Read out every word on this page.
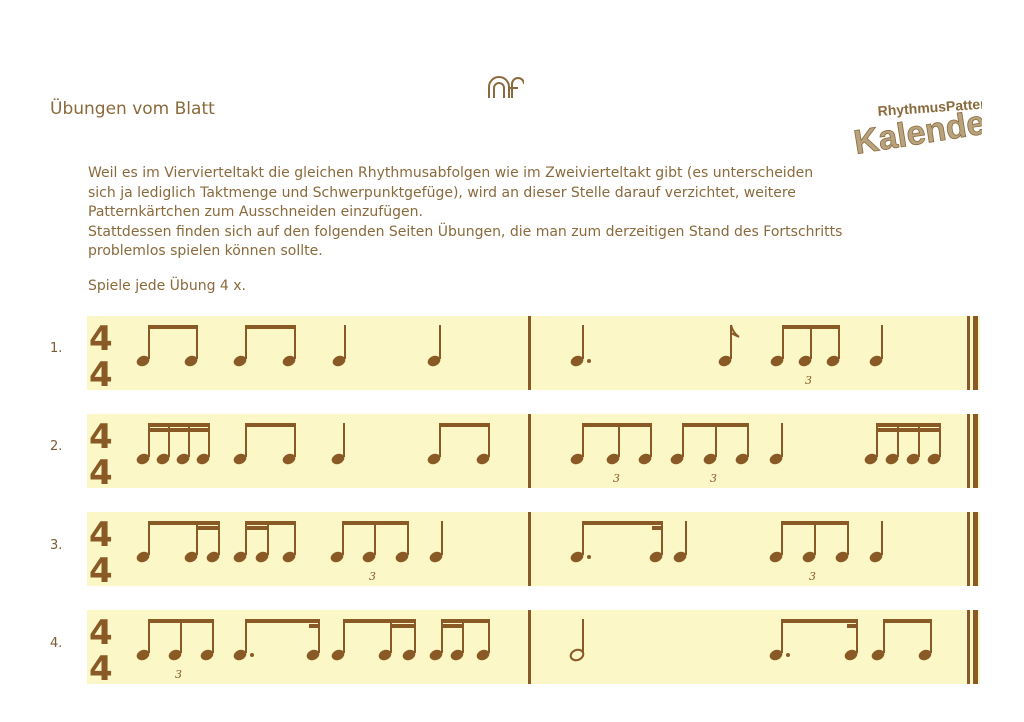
Übungen vom Blatt	RhythmusPattern
Kalender
Weil es im Viervierteltakt die gleichen Rhythmusabfolgen wie im Zweivierteltakt gibt (es unterscheiden
sich ja lediglich Taktmenge und Schwerpunktgefüge), wird an dieser Stelle darauf verzichtet, weitere
Patternkärtchen zum Ausschneiden einzufügen.
Stattdessen finden sich auf den folgenden Seiten Übungen, die man zum derzeitigen Stand des Fortschritts
problemlos spielen können sollte.
Spiele jede Übung 4 x.
1. 4
4	3
2. 4
4	3	3
3. 4
4	3	3
4. 4
4	3
